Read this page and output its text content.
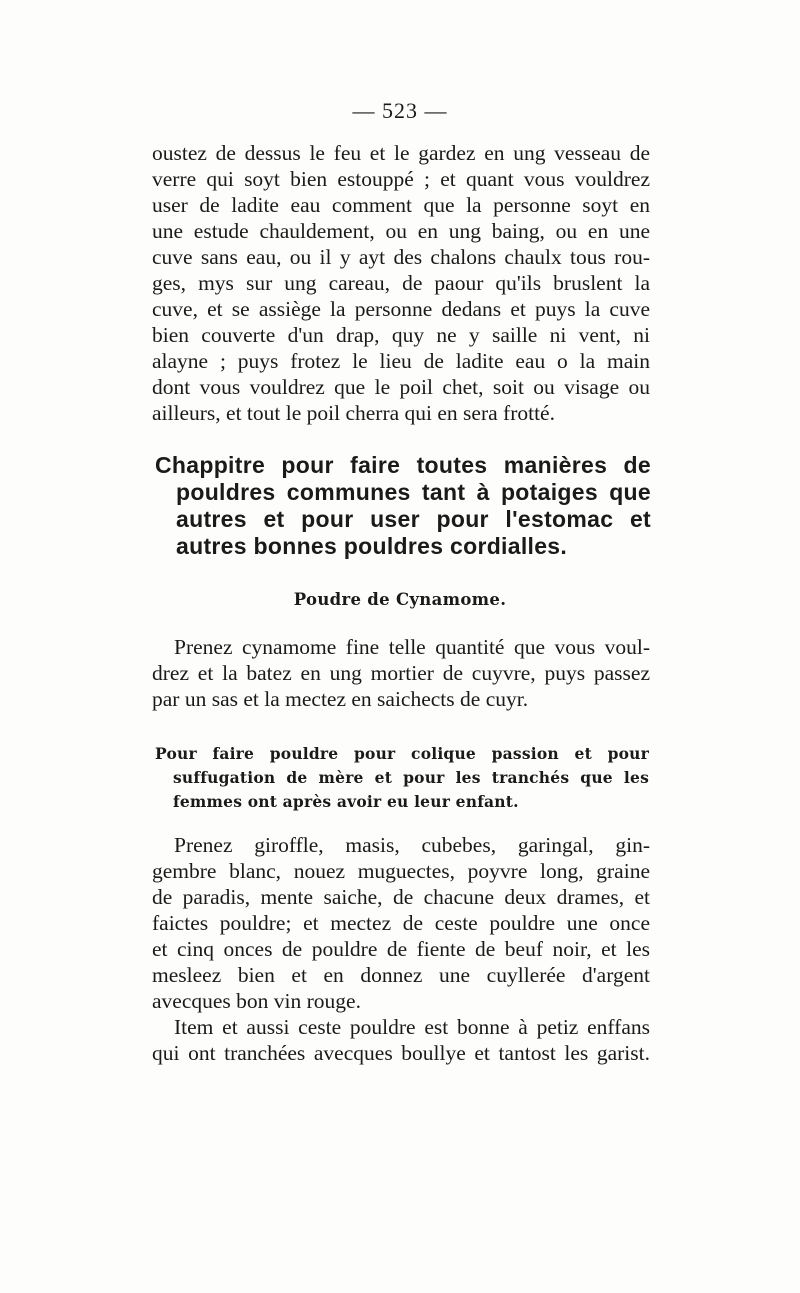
— 523 —
oustez de dessus le feu et le gardez en ung vesseau de
verre qui soyt bien estouppé ; et quant vous vouldrez
user de ladite eau comment que la personne soyt en
une estude chauldement, ou en ung baing, ou en une
cuve sans eau, ou il y ayt des chalons chaulx tous rou-
ges, mys sur ung careau, de paour qu'ils bruslent la
cuve, et se assiège la personne dedans et puys la cuve
bien couverte d'un drap, quy ne y saille ni vent, ni
alayne ; puys frotez le lieu de ladite eau o la main
dont vous vouldrez que le poil chet, soit ou visage ou
ailleurs, et tout le poil cherra qui en sera frotté.
Chappitre pour faire toutes manières de
pouldres communes tant à potaiges que
autres et pour user pour l'estomac et
autres bonnes pouldres cordialles.
Poudre de Cynamome.
Prenez cynamome fine telle quantité que vous voul-
drez et la batez en ung mortier de cuyvre, puys passez
par un sas et la mectez en saichects de cuyr.
Pour faire pouldre pour colique passion et pour
suffugation de mère et pour les tranchés que les
femmes ont après avoir eu leur enfant.
Prenez giroffle, masis, cubebes, garingal, gin-
gembre blanc, nouez muguectes, poyvre long, graine
de paradis, mente saiche, de chacune deux drames, et
faictes pouldre; et mectez de ceste pouldre une once
et cinq onces de pouldre de fiente de beuf noir, et les
mesleez bien et en donnez une cuyllerée d'argent
avecques bon vin rouge.
Item et aussi ceste pouldre est bonne à petiz enffans
qui ont tranchées avecques boullye et tantost les garist.
